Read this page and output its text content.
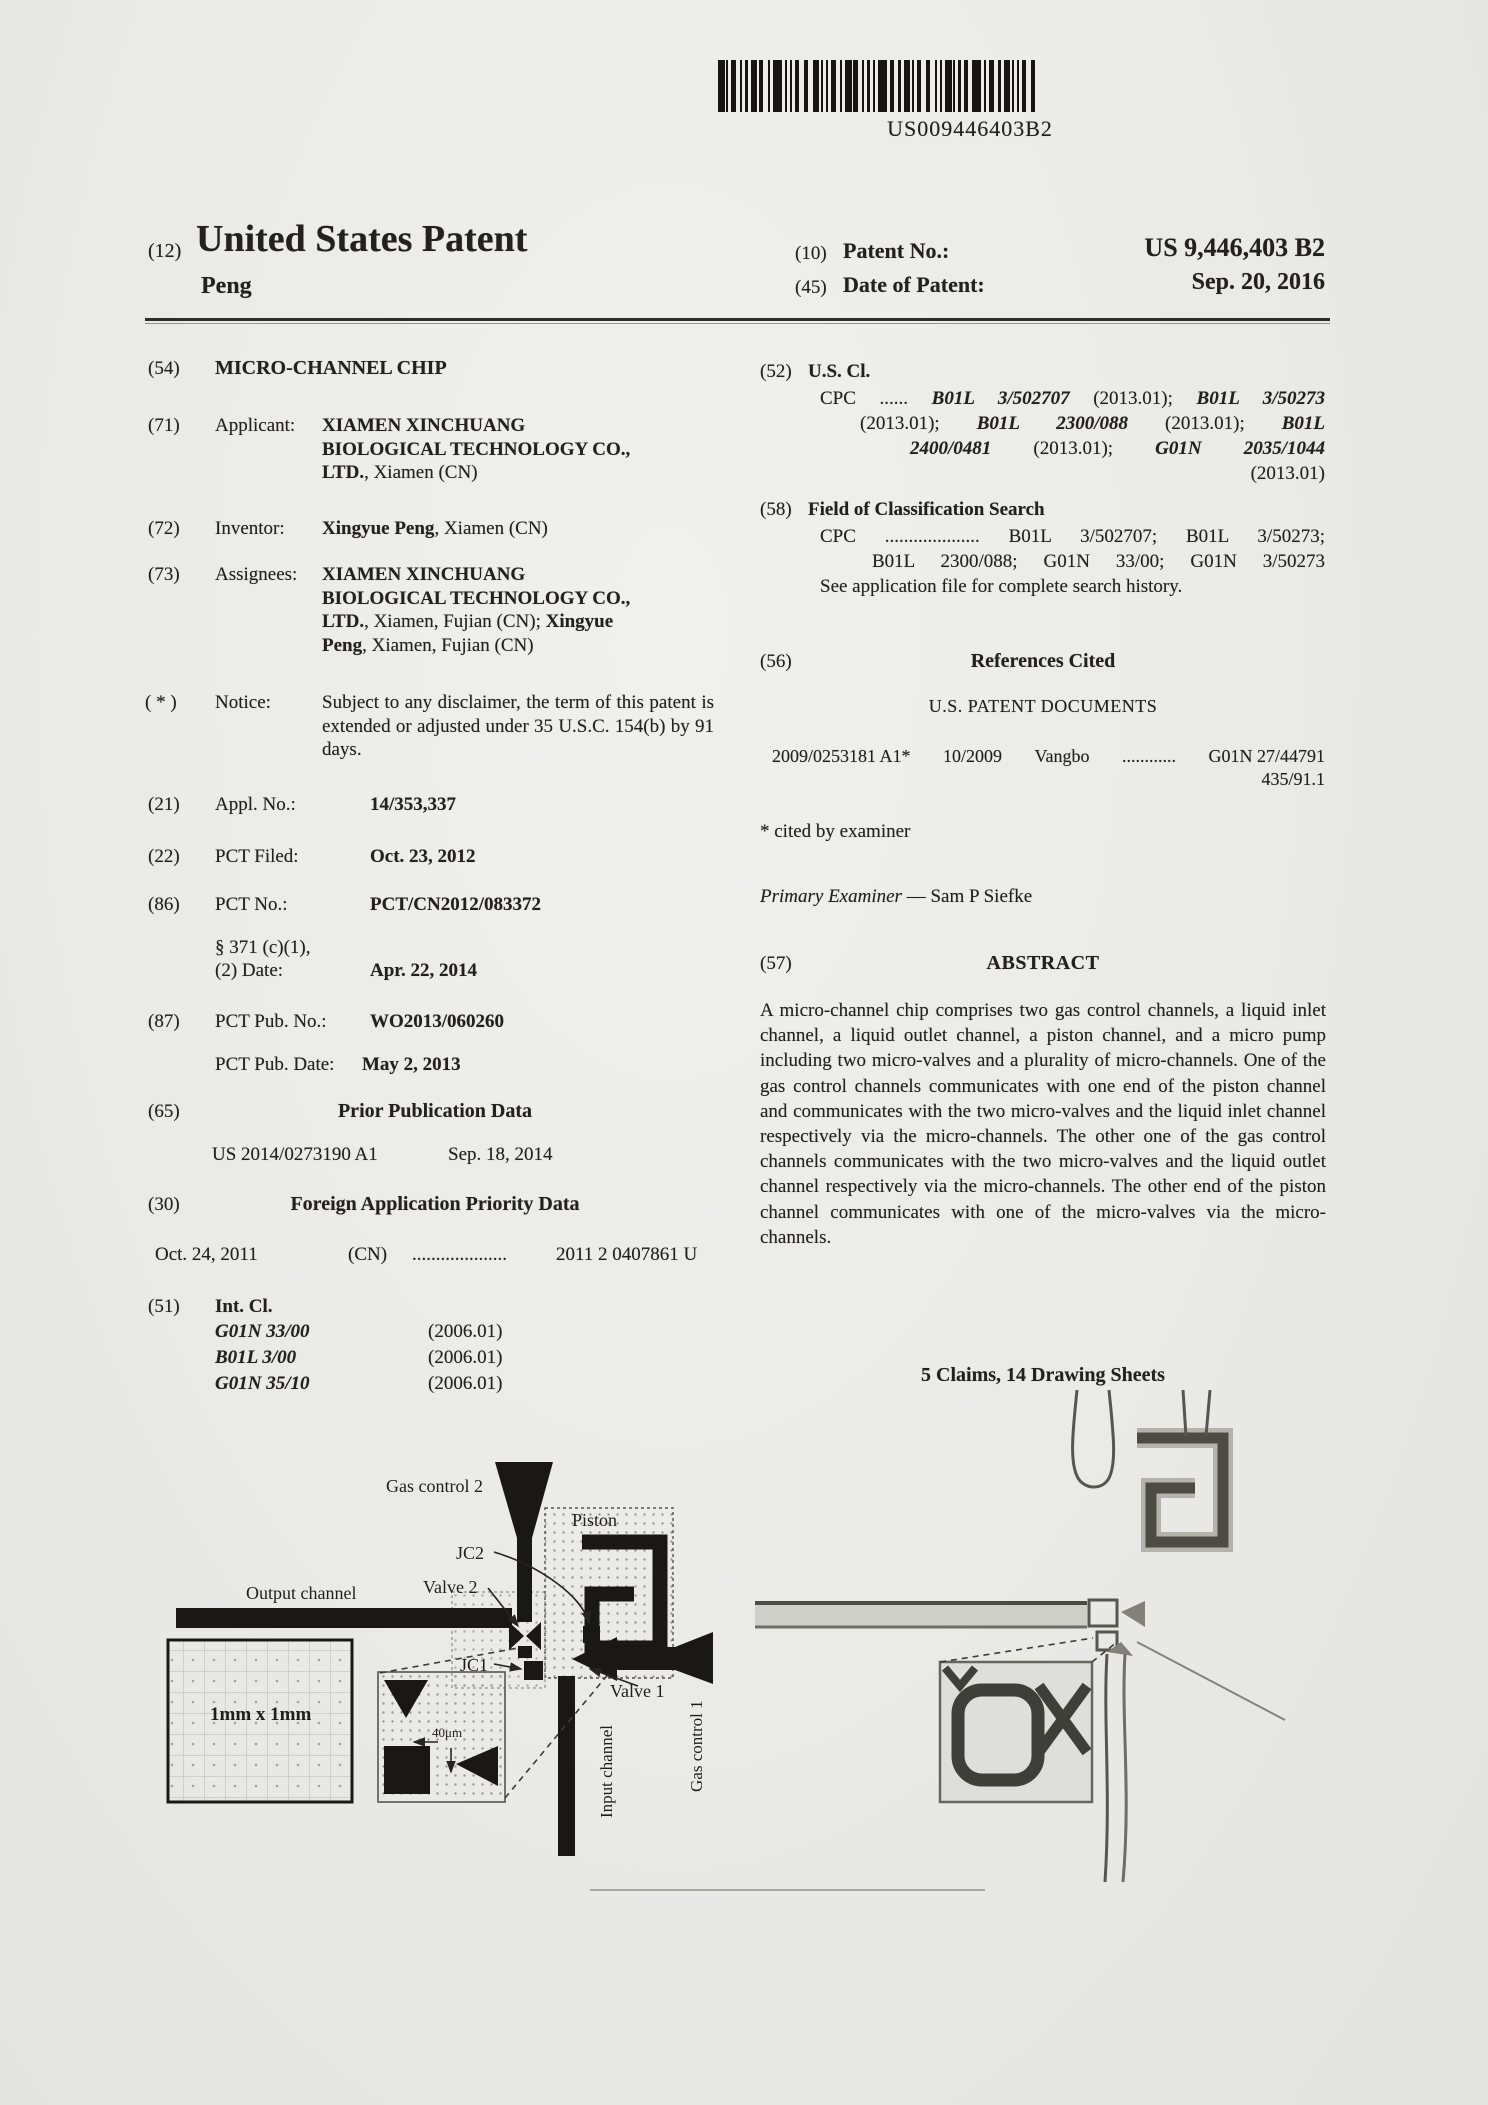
US009446403B2
(12) United States Patent
Peng
(10) Patent No.:	US 9,446,403 B2
(45) Date of Patent:	Sep. 20, 2016
(54) MICRO-CHANNEL CHIP
(71) Applicant: XIAMEN XINCHUANG BIOLOGICAL TECHNOLOGY CO., LTD., Xiamen (CN)
(72) Inventor: Xingyue Peng, Xiamen (CN)
(73) Assignees: XIAMEN XINCHUANG BIOLOGICAL TECHNOLOGY CO., LTD., Xiamen, Fujian (CN); Xingyue Peng, Xiamen, Fujian (CN)
( * ) Notice:	Subject to any disclaimer, the term of this patent is extended or adjusted under 35 U.S.C. 154(b) by 91 days.
(21) Appl. No.:	14/353,337
(22) PCT Filed:	Oct. 23, 2012
(86) PCT No.:	PCT/CN2012/083372
§ 371 (c)(1),
(2) Date:	Apr. 22, 2014
(87) PCT Pub. No.: WO2013/060260
PCT Pub. Date: May 2, 2013
(65)	Prior Publication Data
US 2014/0273190 A1	Sep. 18, 2014
(30)	Foreign Application Priority Data
Oct. 24, 2011	(CN) ....................	2011 2 0407861 U
(51) Int. Cl.
G01N 33/00	(2006.01)
B01L 3/00	(2006.01)
G01N 35/10	(2006.01)
(52) U.S. Cl.
CPC ...... B01L 3/502707 (2013.01); B01L 3/50273
(2013.01); B01L 2300/088 (2013.01); B01L
2400/0481 (2013.01); G01N 2035/1044
(2013.01)
(58) Field of Classification Search
CPC .................... B01L 3/502707; B01L 3/50273;
B01L 2300/088; G01N 33/00; G01N 3/50273
See application file for complete search history.
(56)	References Cited
U.S. PATENT DOCUMENTS
2009/0253181 A1* 10/2009 Vangbo ............ G01N 27/44791
435/91.1
* cited by examiner
Primary Examiner — Sam P Siefke
(57)	ABSTRACT
A micro-channel chip comprises two gas control channels, a liquid inlet channel, a liquid outlet channel, a piston channel, and a micro pump including two micro-valves and a plurality of micro-channels. One of the gas control channels communicates with one end of the piston channel and communicates with the two micro-valves and the liquid inlet channel respectively via the micro-channels. The other one of the gas control channels communicates with the two micro-valves and the liquid outlet channel respectively via the micro-channels. The other end of the piston channel communicates with one of the micro-valves via the micro-channels.
5 Claims, 14 Drawing Sheets
40μm
Gas control 2
Piston
JC2
Valve 2
Output channel
JC1
Valve 1
Input channel	Gas control 1
1mm x 1mm
